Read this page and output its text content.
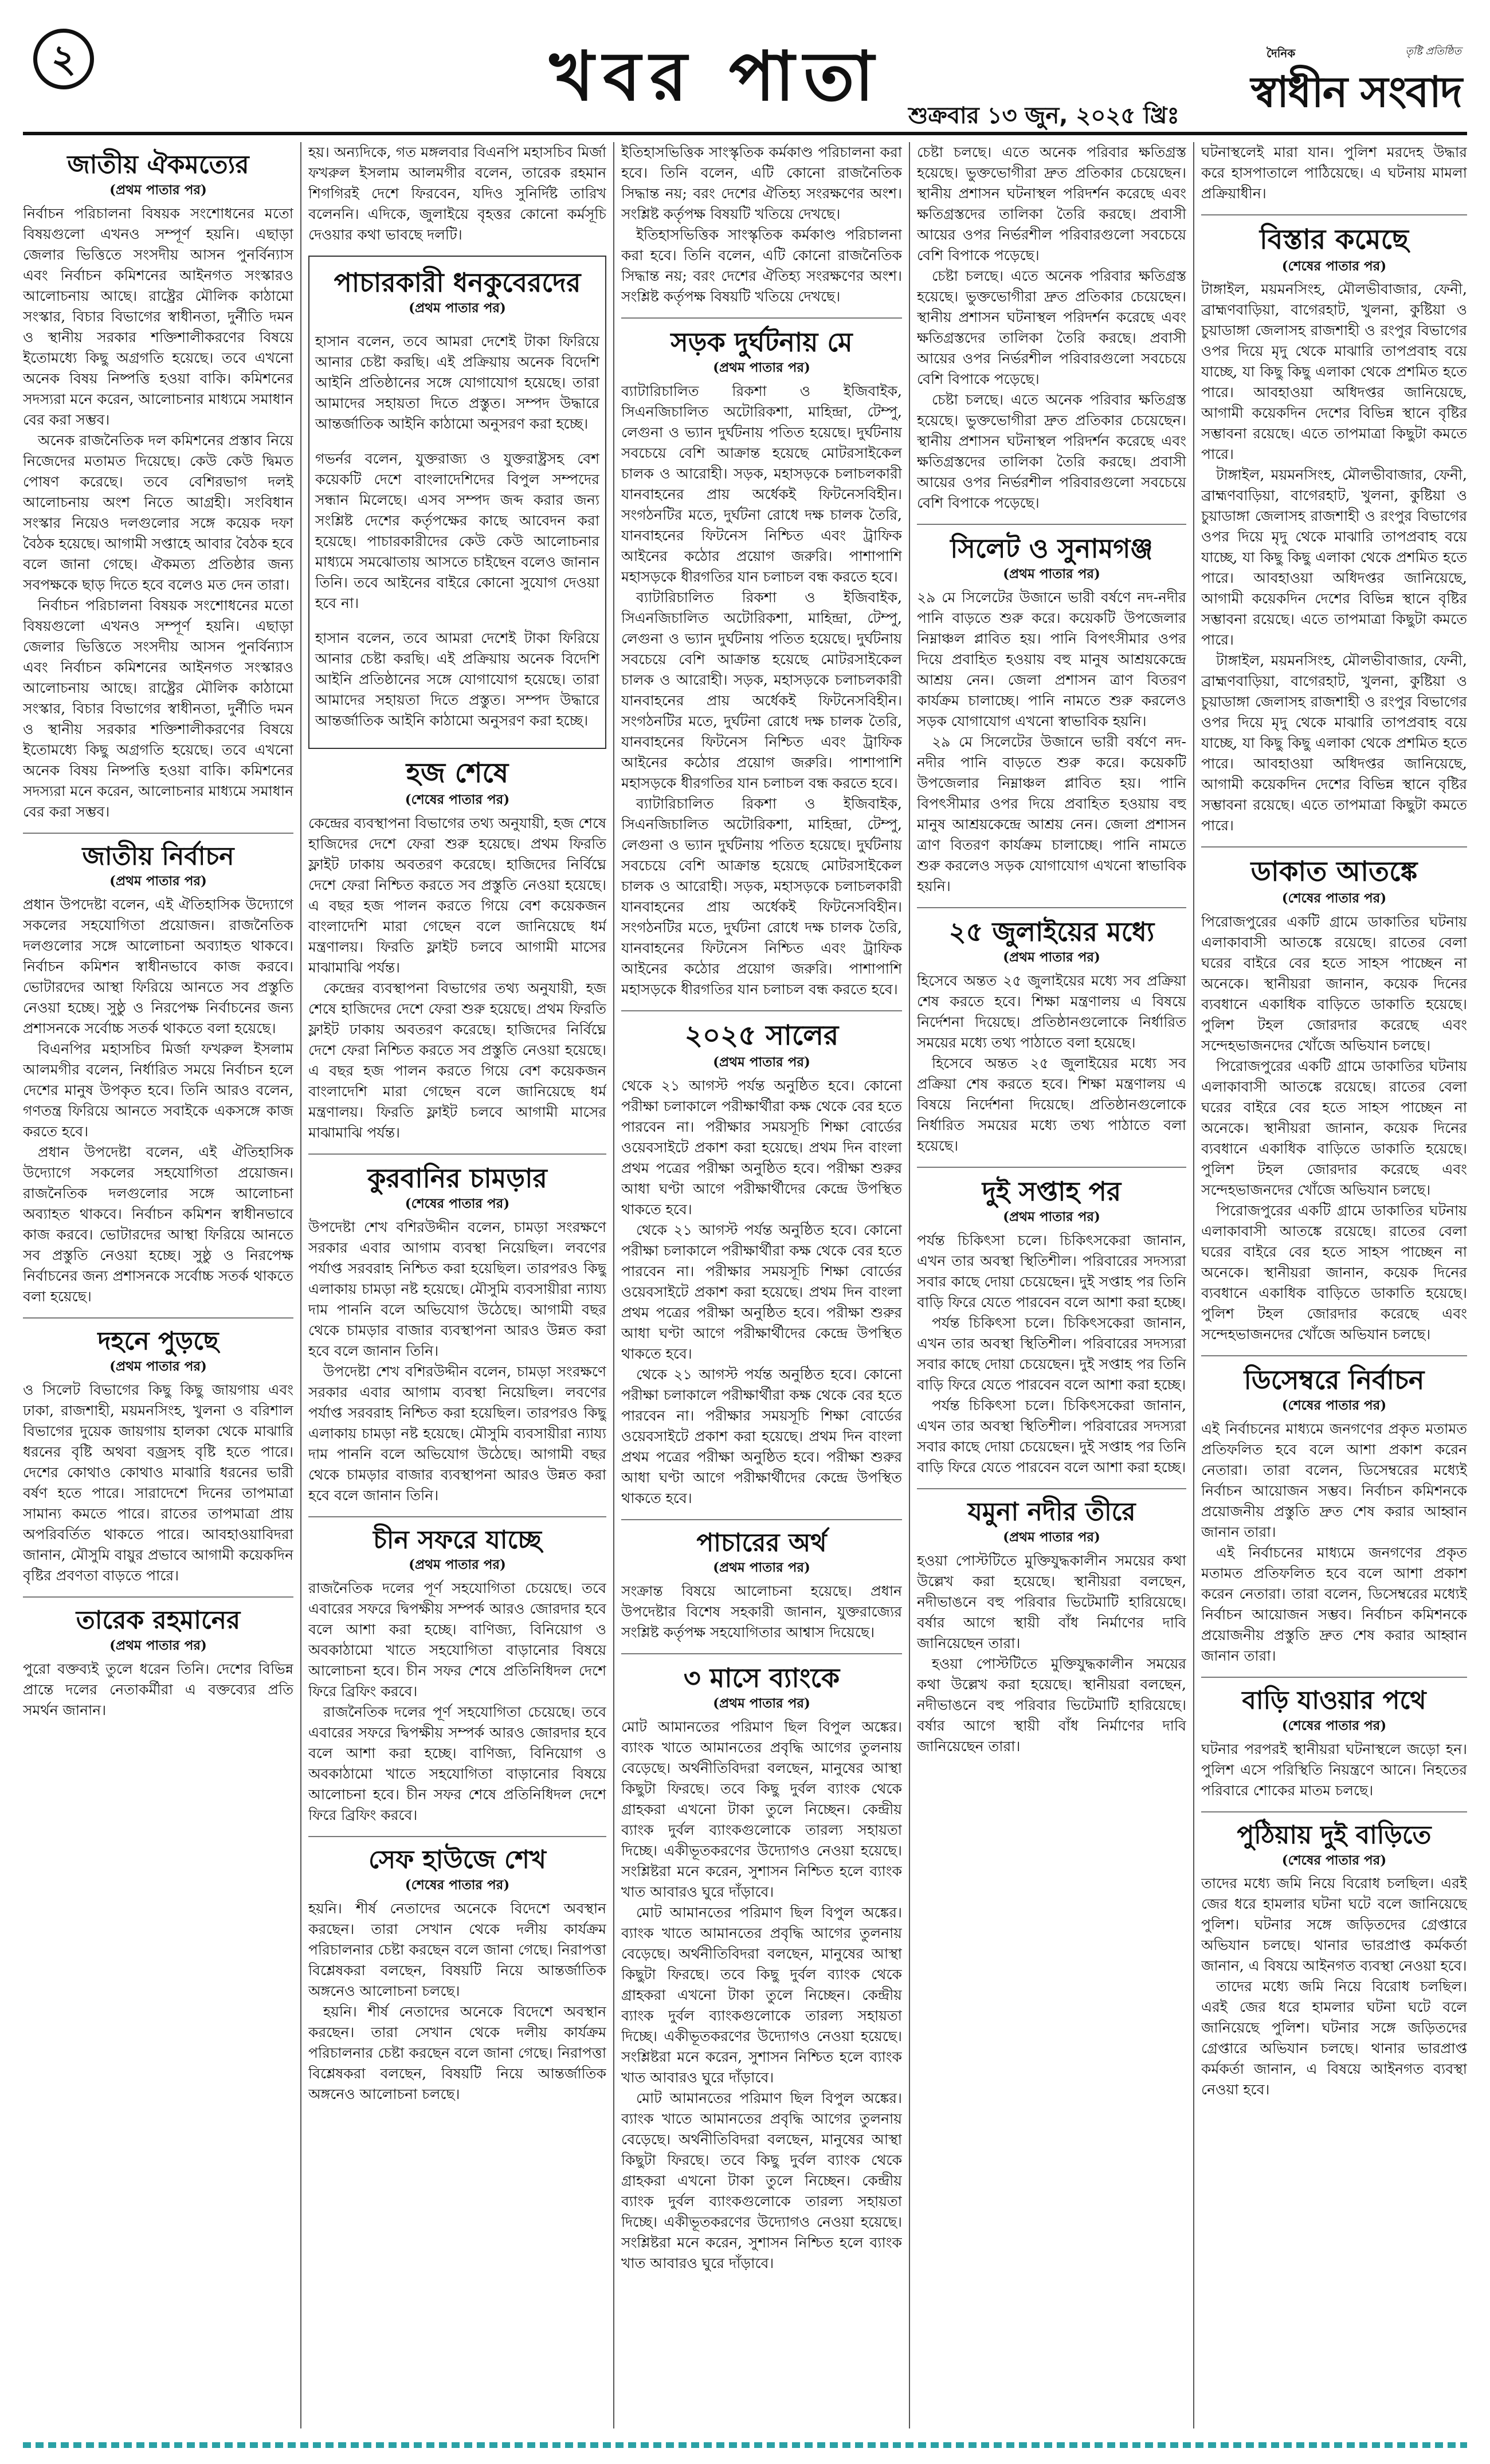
২	খবর পাতা	শুক্রবার ১৩ জুন, ২০২৫ খ্রিঃ
দৈনিক	তৃষ্টি প্রতিষ্ঠিত
স্বাধীন সংবাদ
জাতীয় ঐকমত্যের
( প্রথম পাতার পর )

নির্বাচন পরিচালনা বিষয়ক সংশোধনের মতো বিষয়গুলো এখনও সম্পূর্ণ হয়নি। এছাড়া জেলার ভিত্তিতে সংসদীয় আসন পুনর্বিন্যাস এবং নির্বাচন কমিশনের আইনগত সংস্কারও আলোচনায় আছে। রাষ্ট্রের মৌলিক কাঠামো সংস্কার, বিচার বিভাগের স্বাধীনতা, দুর্নীতি দমন ও স্থানীয় সরকার শক্তিশালীকরণের বিষয়ে ইতোমধ্যে কিছু অগ্রগতি হয়েছে। তবে এখনো অনেক বিষয় নিষ্পত্তি হওয়া বাকি। কমিশনের সদস্যরা মনে করেন, আলোচনার মাধ্যমে সমাধান বের করা সম্ভব।

অনেক রাজনৈতিক দল কমিশনের প্রস্তাব নিয়ে নিজেদের মতামত দিয়েছে। কেউ কেউ দ্বিমত পোষণ করেছে। তবে বেশিরভাগ দলই আলোচনায় অংশ নিতে আগ্রহী। সংবিধান সংস্কার নিয়েও দলগুলোর সঙ্গে কয়েক দফা বৈঠক হয়েছে। আগামী সপ্তাহে আবার বৈঠক হবে বলে জানা গেছে। ঐকমত্য প্রতিষ্ঠার জন্য সবপক্ষকে ছাড় দিতে হবে বলেও মত দেন তারা।

নির্বাচন পরিচালনা বিষয়ক সংশোধনের মতো বিষয়গুলো এখনও সম্পূর্ণ হয়নি। এছাড়া জেলার ভিত্তিতে সংসদীয় আসন পুনর্বিন্যাস এবং নির্বাচন কমিশনের আইনগত সংস্কারও আলোচনায় আছে। রাষ্ট্রের মৌলিক কাঠামো সংস্কার, বিচার বিভাগের স্বাধীনতা, দুর্নীতি দমন ও স্থানীয় সরকার শক্তিশালীকরণের বিষয়ে ইতোমধ্যে কিছু অগ্রগতি হয়েছে। তবে এখনো অনেক বিষয় নিষ্পত্তি হওয়া বাকি। কমিশনের সদস্যরা মনে করেন, আলোচনার মাধ্যমে সমাধান বের করা সম্ভব।

জাতীয় নির্বাচন
( প্রথম পাতার পর )

প্রধান উপদেষ্টা বলেন, এই ঐতিহাসিক উদ্যোগে সকলের সহযোগিতা প্রয়োজন। রাজনৈতিক দলগুলোর সঙ্গে আলোচনা অব্যাহত থাকবে। নির্বাচন কমিশন স্বাধীনভাবে কাজ করবে। ভোটারদের আস্থা ফিরিয়ে আনতে সব প্রস্তুতি নেওয়া হচ্ছে। সুষ্ঠু ও নিরপেক্ষ নির্বাচনের জন্য প্রশাসনকে সর্বোচ্চ সতর্ক থাকতে বলা হয়েছে।

বিএনপির মহাসচিব মির্জা ফখরুল ইসলাম আলমগীর বলেন, নির্ধারিত সময়ে নির্বাচন হলে দেশের মানুষ উপকৃত হবে। তিনি আরও বলেন, গণতন্ত্র ফিরিয়ে আনতে সবাইকে একসঙ্গে কাজ করতে হবে।

প্রধান উপদেষ্টা বলেন, এই ঐতিহাসিক উদ্যোগে সকলের সহযোগিতা প্রয়োজন। রাজনৈতিক দলগুলোর সঙ্গে আলোচনা অব্যাহত থাকবে। নির্বাচন কমিশন স্বাধীনভাবে কাজ করবে। ভোটারদের আস্থা ফিরিয়ে আনতে সব প্রস্তুতি নেওয়া হচ্ছে। সুষ্ঠু ও নিরপেক্ষ নির্বাচনের জন্য প্রশাসনকে সর্বোচ্চ সতর্ক থাকতে বলা হয়েছে।

দহনে পুড়ছে
( প্রথম পাতার পর )

ও সিলেট বিভাগের কিছু কিছু জায়গায় এবং ঢাকা, রাজশাহী, ময়মনসিংহ, খুলনা ও বরিশাল বিভাগের দুয়েক জায়গায় হালকা থেকে মাঝারি ধরনের বৃষ্টি অথবা বজ্রসহ বৃষ্টি হতে পারে। দেশের কোথাও কোথাও মাঝারি ধরনের ভারী বর্ষণ হতে পারে। সারাদেশে দিনের তাপমাত্রা সামান্য কমতে পারে। রাতের তাপমাত্রা প্রায় অপরিবর্তিত থাকতে পারে। আবহাওয়াবিদরা জানান, মৌসুমি বায়ুর প্রভাবে আগামী কয়েকদিন বৃষ্টির প্রবণতা বাড়তে পারে।

তারেক রহমানের
( প্রথম পাতার পর )

পুরো বক্তব্যই তুলে ধরেন তিনি। দেশের বিভিন্ন প্রান্তে দলের নেতাকর্মীরা এ বক্তব্যের প্রতি সমর্থন জানান।

হয়। অন্যদিকে, গত মঙ্গলবার বিএনপি মহাসচিব মির্জা ফখরুল ইসলাম আলমগীর বলেন, তারেক রহমান শিগগিরই দেশে ফিরবেন, যদিও সুনির্দিষ্ট তারিখ বলেননি। এদিকে, জুলাইয়ে বৃহত্তর কোনো কর্মসূচি দেওয়ার কথা ভাবছে দলটি।

পাচারকারী ধনকুবেরদের
( প্রথম পাতার পর )

হাসান বলেন, তবে আমরা দেশেই টাকা ফিরিয়ে আনার চেষ্টা করছি। এই প্রক্রিয়ায় অনেক বিদেশি আইনি প্রতিষ্ঠানের সঙ্গে যোগাযোগ হয়েছে। তারা আমাদের সহায়তা দিতে প্রস্তুত। সম্পদ উদ্ধারে আন্তর্জাতিক আইনি কাঠামো অনুসরণ করা হচ্ছে।

গভর্নর বলেন, যুক্তরাজ্য ও যুক্তরাষ্ট্রসহ বেশ কয়েকটি দেশে বাংলাদেশিদের বিপুল সম্পদের সন্ধান মিলেছে। এসব সম্পদ জব্দ করার জন্য সংশ্লিষ্ট দেশের কর্তৃপক্ষের কাছে আবেদন করা হয়েছে। পাচারকারীদের কেউ কেউ আলোচনার মাধ্যমে সমঝোতায় আসতে চাইছেন বলেও জানান তিনি। তবে আইনের বাইরে কোনো সুযোগ দেওয়া হবে না।

হাসান বলেন, তবে আমরা দেশেই টাকা ফিরিয়ে আনার চেষ্টা করছি। এই প্রক্রিয়ায় অনেক বিদেশি আইনি প্রতিষ্ঠানের সঙ্গে যোগাযোগ হয়েছে। তারা আমাদের সহায়তা দিতে প্রস্তুত। সম্পদ উদ্ধারে আন্তর্জাতিক আইনি কাঠামো অনুসরণ করা হচ্ছে।

হজ শেষে
( শেষের পাতার পর )

কেন্দ্রের ব্যবস্থাপনা বিভাগের তথ্য অনুযায়ী, হজ শেষে হাজিদের দেশে ফেরা শুরু হয়েছে। প্রথম ফিরতি ফ্লাইট ঢাকায় অবতরণ করেছে। হাজিদের নির্বিঘ্নে দেশে ফেরা নিশ্চিত করতে সব প্রস্তুতি নেওয়া হয়েছে। এ বছর হজ পালন করতে গিয়ে বেশ কয়েকজন বাংলাদেশি মারা গেছেন বলে জানিয়েছে ধর্ম মন্ত্রণালয়। ফিরতি ফ্লাইট চলবে আগামী মাসের মাঝামাঝি পর্যন্ত।

কেন্দ্রের ব্যবস্থাপনা বিভাগের তথ্য অনুযায়ী, হজ শেষে হাজিদের দেশে ফেরা শুরু হয়েছে। প্রথম ফিরতি ফ্লাইট ঢাকায় অবতরণ করেছে। হাজিদের নির্বিঘ্নে দেশে ফেরা নিশ্চিত করতে সব প্রস্তুতি নেওয়া হয়েছে। এ বছর হজ পালন করতে গিয়ে বেশ কয়েকজন বাংলাদেশি মারা গেছেন বলে জানিয়েছে ধর্ম মন্ত্রণালয়। ফিরতি ফ্লাইট চলবে আগামী মাসের মাঝামাঝি পর্যন্ত।

কুরবানির চামড়ার
( শেষের পাতার পর )

উপদেষ্টা শেখ বশিরউদ্দীন বলেন, চামড়া সংরক্ষণে সরকার এবার আগাম ব্যবস্থা নিয়েছিল। লবণের পর্যাপ্ত সরবরাহ নিশ্চিত করা হয়েছিল। তারপরও কিছু এলাকায় চামড়া নষ্ট হয়েছে। মৌসুমি ব্যবসায়ীরা ন্যায্য দাম পাননি বলে অভিযোগ উঠেছে। আগামী বছর থেকে চামড়ার বাজার ব্যবস্থাপনা আরও উন্নত করা হবে বলে জানান তিনি।

উপদেষ্টা শেখ বশিরউদ্দীন বলেন, চামড়া সংরক্ষণে সরকার এবার আগাম ব্যবস্থা নিয়েছিল। লবণের পর্যাপ্ত সরবরাহ নিশ্চিত করা হয়েছিল। তারপরও কিছু এলাকায় চামড়া নষ্ট হয়েছে। মৌসুমি ব্যবসায়ীরা ন্যায্য দাম পাননি বলে অভিযোগ উঠেছে। আগামী বছর থেকে চামড়ার বাজার ব্যবস্থাপনা আরও উন্নত করা হবে বলে জানান তিনি।

চীন সফরে যাচ্ছে
( প্রথম পাতার পর )

রাজনৈতিক দলের পূর্ণ সহযোগিতা চেয়েছে। তবে এবারের সফরে দ্বিপক্ষীয় সম্পর্ক আরও জোরদার হবে বলে আশা করা হচ্ছে। বাণিজ্য, বিনিয়োগ ও অবকাঠামো খাতে সহযোগিতা বাড়ানোর বিষয়ে আলোচনা হবে। চীন সফর শেষে প্রতিনিধিদল দেশে ফিরে ব্রিফিং করবে।

রাজনৈতিক দলের পূর্ণ সহযোগিতা চেয়েছে। তবে এবারের সফরে দ্বিপক্ষীয় সম্পর্ক আরও জোরদার হবে বলে আশা করা হচ্ছে। বাণিজ্য, বিনিয়োগ ও অবকাঠামো খাতে সহযোগিতা বাড়ানোর বিষয়ে আলোচনা হবে। চীন সফর শেষে প্রতিনিধিদল দেশে ফিরে ব্রিফিং করবে।

সেফ হাউজে শেখ
( শেষের পাতার পর )

হয়নি। শীর্ষ নেতাদের অনেকে বিদেশে অবস্থান করছেন। তারা সেখান থেকে দলীয় কার্যক্রম পরিচালনার চেষ্টা করছেন বলে জানা গেছে। নিরাপত্তা বিশ্লেষকরা বলছেন, বিষয়টি নিয়ে আন্তর্জাতিক অঙ্গনেও আলোচনা চলছে।

হয়নি। শীর্ষ নেতাদের অনেকে বিদেশে অবস্থান করছেন। তারা সেখান থেকে দলীয় কার্যক্রম পরিচালনার চেষ্টা করছেন বলে জানা গেছে। নিরাপত্তা বিশ্লেষকরা বলছেন, বিষয়টি নিয়ে আন্তর্জাতিক অঙ্গনেও আলোচনা চলছে।

ইতিহাসভিত্তিক সাংস্কৃতিক কর্মকাণ্ড পরিচালনা করা হবে। তিনি বলেন, এটি কোনো রাজনৈতিক সিদ্ধান্ত নয়; বরং দেশের ঐতিহ্য সংরক্ষণের অংশ। সংশ্লিষ্ট কর্তৃপক্ষ বিষয়টি খতিয়ে দেখছে।

ইতিহাসভিত্তিক সাংস্কৃতিক কর্মকাণ্ড পরিচালনা করা হবে। তিনি বলেন, এটি কোনো রাজনৈতিক সিদ্ধান্ত নয়; বরং দেশের ঐতিহ্য সংরক্ষণের অংশ। সংশ্লিষ্ট কর্তৃপক্ষ বিষয়টি খতিয়ে দেখছে।

সড়ক দুর্ঘটনায় মে
( প্রথম পাতার পর )

ব্যাটারিচালিত রিকশা ও ইজিবাইক, সিএনজিচালিত অটোরিকশা, মাহিন্দ্রা, টেম্পু, লেগুনা ও ভ্যান দুর্ঘটনায় পতিত হয়েছে। দুর্ঘটনায় সবচেয়ে বেশি আক্রান্ত হয়েছে মোটরসাইকেল চালক ও আরোহী। সড়ক, মহাসড়কে চলাচলকারী যানবাহনের প্রায় অর্ধেকই ফিটনেসবিহীন। সংগঠনটির মতে, দুর্ঘটনা রোধে দক্ষ চালক তৈরি, যানবাহনের ফিটনেস নিশ্চিত এবং ট্রাফিক আইনের কঠোর প্রয়োগ জরুরি। পাশাপাশি মহাসড়কে ধীরগতির যান চলাচল বন্ধ করতে হবে।

ব্যাটারিচালিত রিকশা ও ইজিবাইক, সিএনজিচালিত অটোরিকশা, মাহিন্দ্রা, টেম্পু, লেগুনা ও ভ্যান দুর্ঘটনায় পতিত হয়েছে। দুর্ঘটনায় সবচেয়ে বেশি আক্রান্ত হয়েছে মোটরসাইকেল চালক ও আরোহী। সড়ক, মহাসড়কে চলাচলকারী যানবাহনের প্রায় অর্ধেকই ফিটনেসবিহীন। সংগঠনটির মতে, দুর্ঘটনা রোধে দক্ষ চালক তৈরি, যানবাহনের ফিটনেস নিশ্চিত এবং ট্রাফিক আইনের কঠোর প্রয়োগ জরুরি। পাশাপাশি মহাসড়কে ধীরগতির যান চলাচল বন্ধ করতে হবে।

ব্যাটারিচালিত রিকশা ও ইজিবাইক, সিএনজিচালিত অটোরিকশা, মাহিন্দ্রা, টেম্পু, লেগুনা ও ভ্যান দুর্ঘটনায় পতিত হয়েছে। দুর্ঘটনায় সবচেয়ে বেশি আক্রান্ত হয়েছে মোটরসাইকেল চালক ও আরোহী। সড়ক, মহাসড়কে চলাচলকারী যানবাহনের প্রায় অর্ধেকই ফিটনেসবিহীন। সংগঠনটির মতে, দুর্ঘটনা রোধে দক্ষ চালক তৈরি, যানবাহনের ফিটনেস নিশ্চিত এবং ট্রাফিক আইনের কঠোর প্রয়োগ জরুরি। পাশাপাশি মহাসড়কে ধীরগতির যান চলাচল বন্ধ করতে হবে।

২০২৫ সালের
( প্রথম পাতার পর )

থেকে ২১ আগস্ট পর্যন্ত অনুষ্ঠিত হবে। কোনো পরীক্ষা চলাকালে পরীক্ষার্থীরা কক্ষ থেকে বের হতে পারবেন না। পরীক্ষার সময়সূচি শিক্ষা বোর্ডের ওয়েবসাইটে প্রকাশ করা হয়েছে। প্রথম দিন বাংলা প্রথম পত্রের পরীক্ষা অনুষ্ঠিত হবে। পরীক্ষা শুরুর আধা ঘণ্টা আগে পরীক্ষার্থীদের কেন্দ্রে উপস্থিত থাকতে হবে।

থেকে ২১ আগস্ট পর্যন্ত অনুষ্ঠিত হবে। কোনো পরীক্ষা চলাকালে পরীক্ষার্থীরা কক্ষ থেকে বের হতে পারবেন না। পরীক্ষার সময়সূচি শিক্ষা বোর্ডের ওয়েবসাইটে প্রকাশ করা হয়েছে। প্রথম দিন বাংলা প্রথম পত্রের পরীক্ষা অনুষ্ঠিত হবে। পরীক্ষা শুরুর আধা ঘণ্টা আগে পরীক্ষার্থীদের কেন্দ্রে উপস্থিত থাকতে হবে।

থেকে ২১ আগস্ট পর্যন্ত অনুষ্ঠিত হবে। কোনো পরীক্ষা চলাকালে পরীক্ষার্থীরা কক্ষ থেকে বের হতে পারবেন না। পরীক্ষার সময়সূচি শিক্ষা বোর্ডের ওয়েবসাইটে প্রকাশ করা হয়েছে। প্রথম দিন বাংলা প্রথম পত্রের পরীক্ষা অনুষ্ঠিত হবে। পরীক্ষা শুরুর আধা ঘণ্টা আগে পরীক্ষার্থীদের কেন্দ্রে উপস্থিত থাকতে হবে।

পাচারের অর্থ
( প্রথম পাতার পর )

সংক্রান্ত বিষয়ে আলোচনা হয়েছে। প্রধান উপদেষ্টার বিশেষ সহকারী জানান, যুক্তরাজ্যের সংশ্লিষ্ট কর্তৃপক্ষ সহযোগিতার আশ্বাস দিয়েছে।

৩ মাসে ব্যাংকে
( প্রথম পাতার পর )

মোট আমানতের পরিমাণ ছিল বিপুল অঙ্কের। ব্যাংক খাতে আমানতের প্রবৃদ্ধি আগের তুলনায় বেড়েছে। অর্থনীতিবিদরা বলছেন, মানুষের আস্থা কিছুটা ফিরছে। তবে কিছু দুর্বল ব্যাংক থেকে গ্রাহকরা এখনো টাকা তুলে নিচ্ছেন। কেন্দ্রীয় ব্যাংক দুর্বল ব্যাংকগুলোকে তারল্য সহায়তা দিচ্ছে। একীভূতকরণের উদ্যোগও নেওয়া হয়েছে। সংশ্লিষ্টরা মনে করেন, সুশাসন নিশ্চিত হলে ব্যাংক খাত আবারও ঘুরে দাঁড়াবে।

মোট আমানতের পরিমাণ ছিল বিপুল অঙ্কের। ব্যাংক খাতে আমানতের প্রবৃদ্ধি আগের তুলনায় বেড়েছে। অর্থনীতিবিদরা বলছেন, মানুষের আস্থা কিছুটা ফিরছে। তবে কিছু দুর্বল ব্যাংক থেকে গ্রাহকরা এখনো টাকা তুলে নিচ্ছেন। কেন্দ্রীয় ব্যাংক দুর্বল ব্যাংকগুলোকে তারল্য সহায়তা দিচ্ছে। একীভূতকরণের উদ্যোগও নেওয়া হয়েছে। সংশ্লিষ্টরা মনে করেন, সুশাসন নিশ্চিত হলে ব্যাংক খাত আবারও ঘুরে দাঁড়াবে।

মোট আমানতের পরিমাণ ছিল বিপুল অঙ্কের। ব্যাংক খাতে আমানতের প্রবৃদ্ধি আগের তুলনায় বেড়েছে। অর্থনীতিবিদরা বলছেন, মানুষের আস্থা কিছুটা ফিরছে। তবে কিছু দুর্বল ব্যাংক থেকে গ্রাহকরা এখনো টাকা তুলে নিচ্ছেন। কেন্দ্রীয় ব্যাংক দুর্বল ব্যাংকগুলোকে তারল্য সহায়তা দিচ্ছে। একীভূতকরণের উদ্যোগও নেওয়া হয়েছে। সংশ্লিষ্টরা মনে করেন, সুশাসন নিশ্চিত হলে ব্যাংক খাত আবারও ঘুরে দাঁড়াবে।

চেষ্টা চলছে। এতে অনেক পরিবার ক্ষতিগ্রস্ত হয়েছে। ভুক্তভোগীরা দ্রুত প্রতিকার চেয়েছেন। স্থানীয় প্রশাসন ঘটনাস্থল পরিদর্শন করেছে এবং ক্ষতিগ্রস্তদের তালিকা তৈরি করছে। প্রবাসী আয়ের ওপর নির্ভরশীল পরিবারগুলো সবচেয়ে বেশি বিপাকে পড়েছে।

চেষ্টা চলছে। এতে অনেক পরিবার ক্ষতিগ্রস্ত হয়েছে। ভুক্তভোগীরা দ্রুত প্রতিকার চেয়েছেন। স্থানীয় প্রশাসন ঘটনাস্থল পরিদর্শন করেছে এবং ক্ষতিগ্রস্তদের তালিকা তৈরি করছে। প্রবাসী আয়ের ওপর নির্ভরশীল পরিবারগুলো সবচেয়ে বেশি বিপাকে পড়েছে।

চেষ্টা চলছে। এতে অনেক পরিবার ক্ষতিগ্রস্ত হয়েছে। ভুক্তভোগীরা দ্রুত প্রতিকার চেয়েছেন। স্থানীয় প্রশাসন ঘটনাস্থল পরিদর্শন করেছে এবং ক্ষতিগ্রস্তদের তালিকা তৈরি করছে। প্রবাসী আয়ের ওপর নির্ভরশীল পরিবারগুলো সবচেয়ে বেশি বিপাকে পড়েছে।

সিলেট ও সুনামগঞ্জ
( প্রথম পাতার পর )

২৯ মে সিলেটের উজানে ভারী বর্ষণে নদ-নদীর পানি বাড়তে শুরু করে। কয়েকটি উপজেলার নিম্নাঞ্চল প্লাবিত হয়। পানি বিপৎসীমার ওপর দিয়ে প্রবাহিত হওয়ায় বহু মানুষ আশ্রয়কেন্দ্রে আশ্রয় নেন। জেলা প্রশাসন ত্রাণ বিতরণ কার্যক্রম চালাচ্ছে। পানি নামতে শুরু করলেও সড়ক যোগাযোগ এখনো স্বাভাবিক হয়নি।

২৯ মে সিলেটের উজানে ভারী বর্ষণে নদ-নদীর পানি বাড়তে শুরু করে। কয়েকটি উপজেলার নিম্নাঞ্চল প্লাবিত হয়। পানি বিপৎসীমার ওপর দিয়ে প্রবাহিত হওয়ায় বহু মানুষ আশ্রয়কেন্দ্রে আশ্রয় নেন। জেলা প্রশাসন ত্রাণ বিতরণ কার্যক্রম চালাচ্ছে। পানি নামতে শুরু করলেও সড়ক যোগাযোগ এখনো স্বাভাবিক হয়নি।

২৫ জুলাইয়ের মধ্যে
( প্রথম পাতার পর )

হিসেবে অন্তত ২৫ জুলাইয়ের মধ্যে সব প্রক্রিয়া শেষ করতে হবে। শিক্ষা মন্ত্রণালয় এ বিষয়ে নির্দেশনা দিয়েছে। প্রতিষ্ঠানগুলোকে নির্ধারিত সময়ের মধ্যে তথ্য পাঠাতে বলা হয়েছে।

হিসেবে অন্তত ২৫ জুলাইয়ের মধ্যে সব প্রক্রিয়া শেষ করতে হবে। শিক্ষা মন্ত্রণালয় এ বিষয়ে নির্দেশনা দিয়েছে। প্রতিষ্ঠানগুলোকে নির্ধারিত সময়ের মধ্যে তথ্য পাঠাতে বলা হয়েছে।

দুই সপ্তাহ পর
( প্রথম পাতার পর )

পর্যন্ত চিকিৎসা চলে। চিকিৎসকেরা জানান, এখন তার অবস্থা স্থিতিশীল। পরিবারের সদস্যরা সবার কাছে দোয়া চেয়েছেন। দুই সপ্তাহ পর তিনি বাড়ি ফিরে যেতে পারবেন বলে আশা করা হচ্ছে।

পর্যন্ত চিকিৎসা চলে। চিকিৎসকেরা জানান, এখন তার অবস্থা স্থিতিশীল। পরিবারের সদস্যরা সবার কাছে দোয়া চেয়েছেন। দুই সপ্তাহ পর তিনি বাড়ি ফিরে যেতে পারবেন বলে আশা করা হচ্ছে।

পর্যন্ত চিকিৎসা চলে। চিকিৎসকেরা জানান, এখন তার অবস্থা স্থিতিশীল। পরিবারের সদস্যরা সবার কাছে দোয়া চেয়েছেন। দুই সপ্তাহ পর তিনি বাড়ি ফিরে যেতে পারবেন বলে আশা করা হচ্ছে।

যমুনা নদীর তীরে
( প্রথম পাতার পর )

হওয়া পোস্টটিতে মুক্তিযুদ্ধকালীন সময়ের কথা উল্লেখ করা হয়েছে। স্থানীয়রা বলছেন, নদীভাঙনে বহু পরিবার ভিটেমাটি হারিয়েছে। বর্ষার আগে স্থায়ী বাঁধ নির্মাণের দাবি জানিয়েছেন তারা।

হওয়া পোস্টটিতে মুক্তিযুদ্ধকালীন সময়ের কথা উল্লেখ করা হয়েছে। স্থানীয়রা বলছেন, নদীভাঙনে বহু পরিবার ভিটেমাটি হারিয়েছে। বর্ষার আগে স্থায়ী বাঁধ নির্মাণের দাবি জানিয়েছেন তারা।

ঘটনাস্থলেই মারা যান। পুলিশ মরদেহ উদ্ধার করে হাসপাতালে পাঠিয়েছে। এ ঘটনায় মামলা প্রক্রিয়াধীন।

বিস্তার কমেছে
( শেষের পাতার পর )

টাঙ্গাইল, ময়মনসিংহ, মৌলভীবাজার, ফেনী, ব্রাহ্মণবাড়িয়া, বাগেরহাট, খুলনা, কুষ্টিয়া ও চুয়াডাঙ্গা জেলাসহ রাজশাহী ও রংপুর বিভাগের ওপর দিয়ে মৃদু থেকে মাঝারি তাপপ্রবাহ বয়ে যাচ্ছে, যা কিছু কিছু এলাকা থেকে প্রশমিত হতে পারে। আবহাওয়া অধিদপ্তর জানিয়েছে, আগামী কয়েকদিন দেশের বিভিন্ন স্থানে বৃষ্টির সম্ভাবনা রয়েছে। এতে তাপমাত্রা কিছুটা কমতে পারে।

টাঙ্গাইল, ময়মনসিংহ, মৌলভীবাজার, ফেনী, ব্রাহ্মণবাড়িয়া, বাগেরহাট, খুলনা, কুষ্টিয়া ও চুয়াডাঙ্গা জেলাসহ রাজশাহী ও রংপুর বিভাগের ওপর দিয়ে মৃদু থেকে মাঝারি তাপপ্রবাহ বয়ে যাচ্ছে, যা কিছু কিছু এলাকা থেকে প্রশমিত হতে পারে। আবহাওয়া অধিদপ্তর জানিয়েছে, আগামী কয়েকদিন দেশের বিভিন্ন স্থানে বৃষ্টির সম্ভাবনা রয়েছে। এতে তাপমাত্রা কিছুটা কমতে পারে।

টাঙ্গাইল, ময়মনসিংহ, মৌলভীবাজার, ফেনী, ব্রাহ্মণবাড়িয়া, বাগেরহাট, খুলনা, কুষ্টিয়া ও চুয়াডাঙ্গা জেলাসহ রাজশাহী ও রংপুর বিভাগের ওপর দিয়ে মৃদু থেকে মাঝারি তাপপ্রবাহ বয়ে যাচ্ছে, যা কিছু কিছু এলাকা থেকে প্রশমিত হতে পারে। আবহাওয়া অধিদপ্তর জানিয়েছে, আগামী কয়েকদিন দেশের বিভিন্ন স্থানে বৃষ্টির সম্ভাবনা রয়েছে। এতে তাপমাত্রা কিছুটা কমতে পারে।

ডাকাত আতঙ্কে
( শেষের পাতার পর )

পিরোজপুরের একটি গ্রামে ডাকাতির ঘটনায় এলাকাবাসী আতঙ্কে রয়েছে। রাতের বেলা ঘরের বাইরে বের হতে সাহস পাচ্ছেন না অনেকে। স্থানীয়রা জানান, কয়েক দিনের ব্যবধানে একাধিক বাড়িতে ডাকাতি হয়েছে। পুলিশ টহল জোরদার করেছে এবং সন্দেহভাজনদের খোঁজে অভিযান চলছে।

পিরোজপুরের একটি গ্রামে ডাকাতির ঘটনায় এলাকাবাসী আতঙ্কে রয়েছে। রাতের বেলা ঘরের বাইরে বের হতে সাহস পাচ্ছেন না অনেকে। স্থানীয়রা জানান, কয়েক দিনের ব্যবধানে একাধিক বাড়িতে ডাকাতি হয়েছে। পুলিশ টহল জোরদার করেছে এবং সন্দেহভাজনদের খোঁজে অভিযান চলছে।

পিরোজপুরের একটি গ্রামে ডাকাতির ঘটনায় এলাকাবাসী আতঙ্কে রয়েছে। রাতের বেলা ঘরের বাইরে বের হতে সাহস পাচ্ছেন না অনেকে। স্থানীয়রা জানান, কয়েক দিনের ব্যবধানে একাধিক বাড়িতে ডাকাতি হয়েছে। পুলিশ টহল জোরদার করেছে এবং সন্দেহভাজনদের খোঁজে অভিযান চলছে।

ডিসেম্বরে নির্বাচন
( শেষের পাতার পর )

এই নির্বাচনের মাধ্যমে জনগণের প্রকৃত মতামত প্রতিফলিত হবে বলে আশা প্রকাশ করেন নেতারা। তারা বলেন, ডিসেম্বরের মধ্যেই নির্বাচন আয়োজন সম্ভব। নির্বাচন কমিশনকে প্রয়োজনীয় প্রস্তুতি দ্রুত শেষ করার আহ্বান জানান তারা।

এই নির্বাচনের মাধ্যমে জনগণের প্রকৃত মতামত প্রতিফলিত হবে বলে আশা প্রকাশ করেন নেতারা। তারা বলেন, ডিসেম্বরের মধ্যেই নির্বাচন আয়োজন সম্ভব। নির্বাচন কমিশনকে প্রয়োজনীয় প্রস্তুতি দ্রুত শেষ করার আহ্বান জানান তারা।

বাড়ি যাওয়ার পথে
( শেষের পাতার পর )

ঘটনার পরপরই স্থানীয়রা ঘটনাস্থলে জড়ো হন। পুলিশ এসে পরিস্থিতি নিয়ন্ত্রণে আনে। নিহতের পরিবারে শোকের মাতম চলছে।

পুঠিয়ায় দুই বাড়িতে
( শেষের পাতার পর )

তাদের মধ্যে জমি নিয়ে বিরোধ চলছিল। এরই জের ধরে হামলার ঘটনা ঘটে বলে জানিয়েছে পুলিশ। ঘটনার সঙ্গে জড়িতদের গ্রেপ্তারে অভিযান চলছে। থানার ভারপ্রাপ্ত কর্মকর্তা জানান, এ বিষয়ে আইনগত ব্যবস্থা নেওয়া হবে।

তাদের মধ্যে জমি নিয়ে বিরোধ চলছিল। এরই জের ধরে হামলার ঘটনা ঘটে বলে জানিয়েছে পুলিশ। ঘটনার সঙ্গে জড়িতদের গ্রেপ্তারে অভিযান চলছে। থানার ভারপ্রাপ্ত কর্মকর্তা জানান, এ বিষয়ে আইনগত ব্যবস্থা নেওয়া হবে।
